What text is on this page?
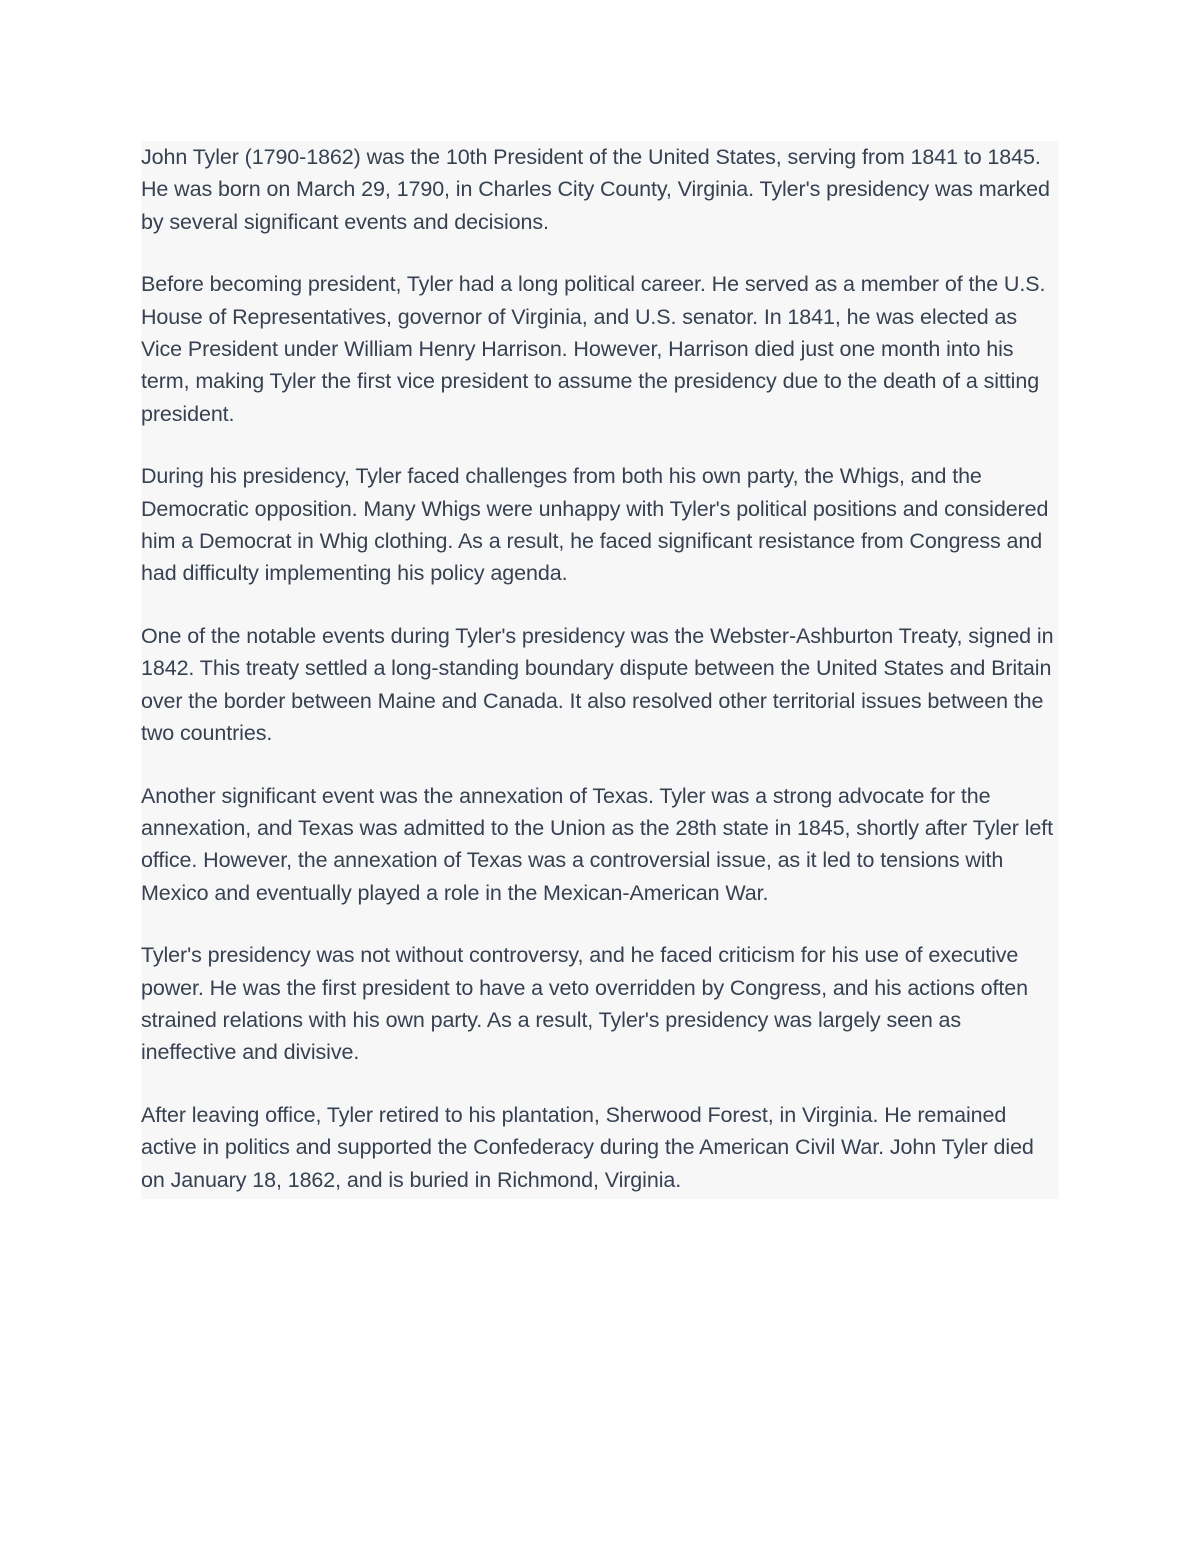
John Tyler (1790-1862) was the 10th President of the United States, serving from 1841 to 1845. He was born on March 29, 1790, in Charles City County, Virginia. Tyler's presidency was marked by several significant events and decisions.

Before becoming president, Tyler had a long political career. He served as a member of the U.S. House of Representatives, governor of Virginia, and U.S. senator. In 1841, he was elected as Vice President under William Henry Harrison. However, Harrison died just one month into his term, making Tyler the first vice president to assume the presidency due to the death of a sitting president.

During his presidency, Tyler faced challenges from both his own party, the Whigs, and the Democratic opposition. Many Whigs were unhappy with Tyler's political positions and considered him a Democrat in Whig clothing. As a result, he faced significant resistance from Congress and had difficulty implementing his policy agenda.

One of the notable events during Tyler's presidency was the Webster-Ashburton Treaty, signed in 1842. This treaty settled a long-standing boundary dispute between the United States and Britain over the border between Maine and Canada. It also resolved other territorial issues between the two countries.

Another significant event was the annexation of Texas. Tyler was a strong advocate for the annexation, and Texas was admitted to the Union as the 28th state in 1845, shortly after Tyler left office. However, the annexation of Texas was a controversial issue, as it led to tensions with Mexico and eventually played a role in the Mexican-American War.

Tyler's presidency was not without controversy, and he faced criticism for his use of executive power. He was the first president to have a veto overridden by Congress, and his actions often strained relations with his own party. As a result, Tyler's presidency was largely seen as ineffective and divisive.

After leaving office, Tyler retired to his plantation, Sherwood Forest, in Virginia. He remained active in politics and supported the Confederacy during the American Civil War. John Tyler died on January 18, 1862, and is buried in Richmond, Virginia.
